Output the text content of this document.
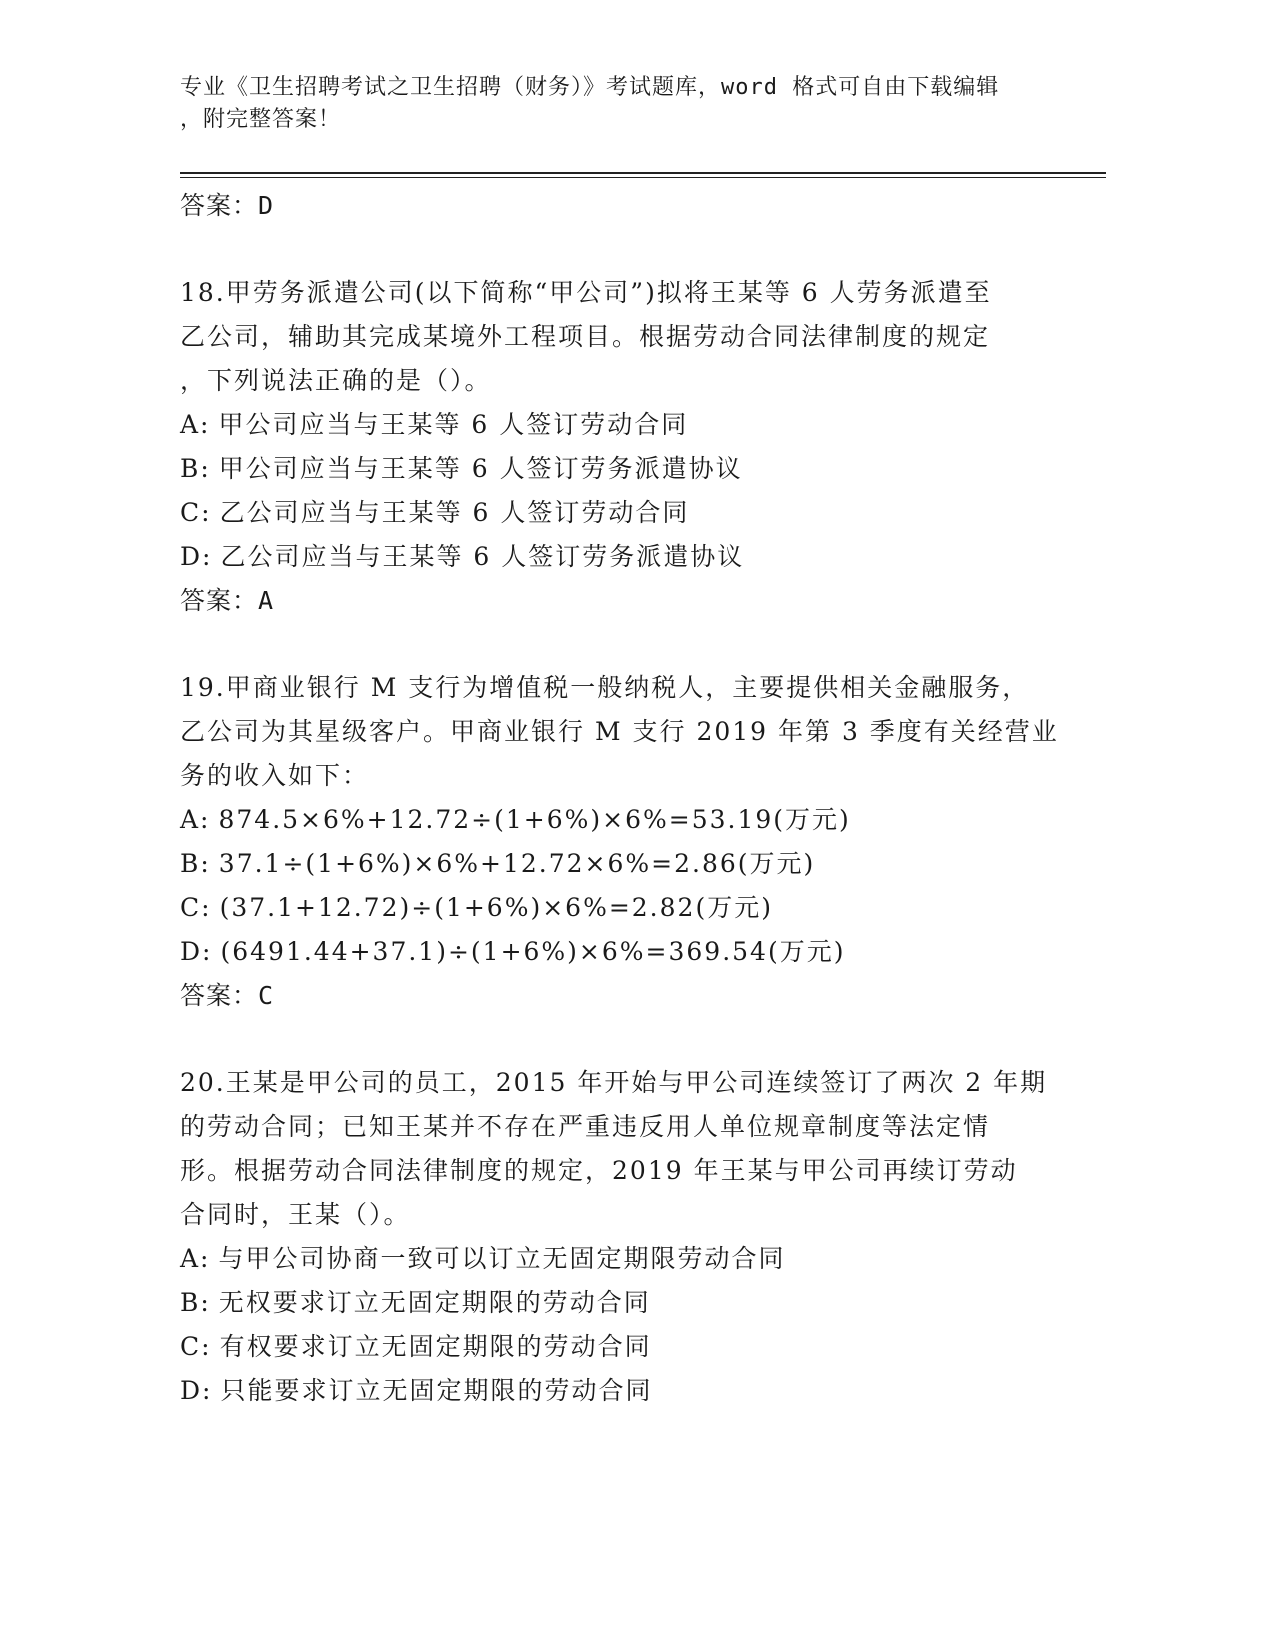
专业《卫生招聘考试之卫生招聘（财务）》考试题库，word 格式可自由下载编辑
，附完整答案！
答案：D
18.甲劳务派遣公司(以下简称“甲公司”)拟将王某等 6 人劳务派遣至
乙公司，辅助其完成某境外工程项目。根据劳动合同法律制度的规定
，下列说法正确的是（）。
A: 甲公司应当与王某等 6 人签订劳动合同
B: 甲公司应当与王某等 6 人签订劳务派遣协议
C: 乙公司应当与王某等 6 人签订劳动合同
D: 乙公司应当与王某等 6 人签订劳务派遣协议
答案：A
19.甲商业银行 M 支行为增值税一般纳税人，主要提供相关金融服务，
乙公司为其星级客户。甲商业银行 M 支行 2019 年第 3 季度有关经营业
务的收入如下：
A: 874.5×6%+12.72÷(1+6%)×6%=53.19(万元)
B: 37.1÷(1+6%)×6%+12.72×6%=2.86(万元)
C: (37.1+12.72)÷(1+6%)×6%=2.82(万元)
D: (6491.44+37.1)÷(1+6%)×6%=369.54(万元)
答案：C
20.王某是甲公司的员工，2015 年开始与甲公司连续签订了两次 2 年期
的劳动合同；已知王某并不存在严重违反用人单位规章制度等法定情
形。根据劳动合同法律制度的规定，2019 年王某与甲公司再续订劳动
合同时，王某（）。
A: 与甲公司协商一致可以订立无固定期限劳动合同
B: 无权要求订立无固定期限的劳动合同
C: 有权要求订立无固定期限的劳动合同
D: 只能要求订立无固定期限的劳动合同
